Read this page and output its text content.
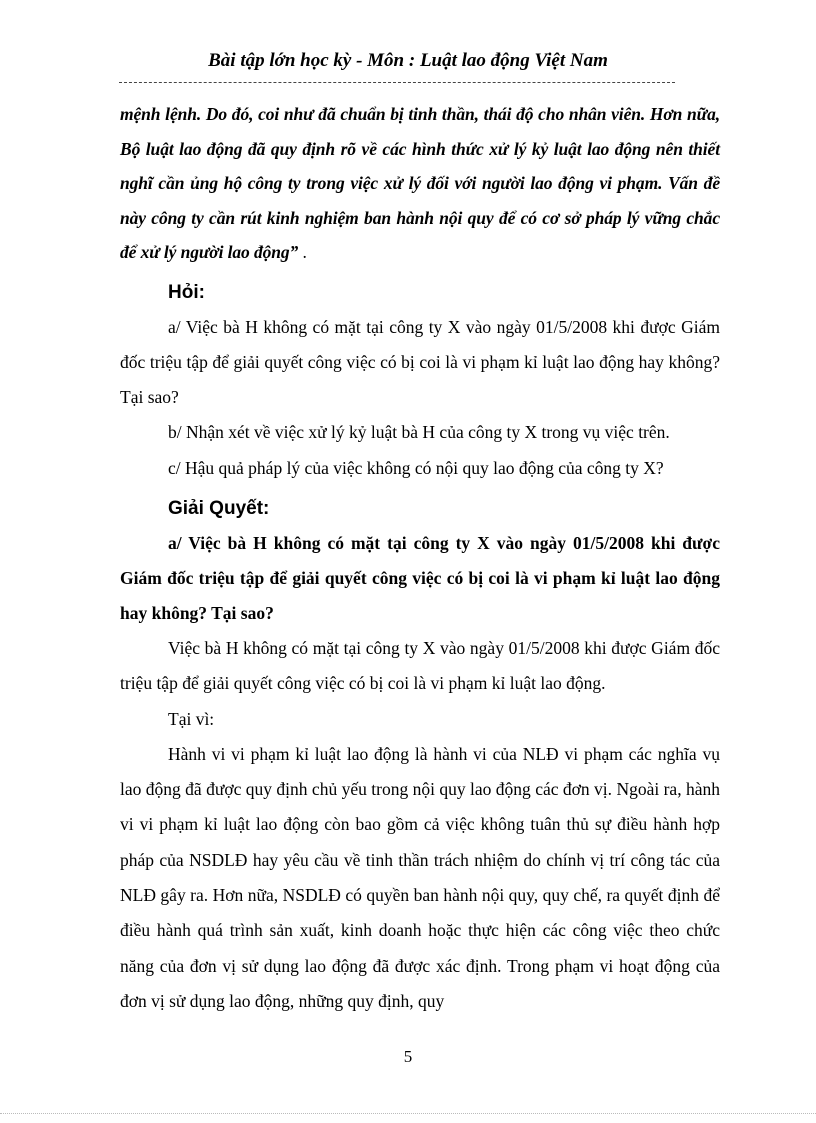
Bài tập lớn học kỳ - Môn : Luật lao động Việt Nam

mệnh lệnh. Do đó, coi như đã chuẩn bị tinh thần, thái độ cho nhân viên. Hơn nữa, Bộ luật lao động đã quy định rõ về các hình thức xử lý kỷ luật lao động nên thiết nghĩ cần ủng hộ công ty trong việc xử lý đối với người lao động vi phạm. Vấn đề này công ty cần rút kinh nghiệm ban hành nội quy để có cơ sở pháp lý vững chắc để xử lý người lao động” .

Hỏi:

a/ Việc bà H không có mặt tại công ty X vào ngày 01/5/2008 khi được Giám đốc triệu tập để giải quyết công việc có bị coi là vi phạm kỉ luật lao động hay không? Tại sao?

b/ Nhận xét về việc xử lý kỷ luật bà H của công ty X trong vụ việc trên.

c/ Hậu quả pháp lý của việc không có nội quy lao động của công ty X?

Giải Quyết:

a/ Việc bà H không có mặt tại công ty X vào ngày 01/5/2008 khi được Giám đốc triệu tập để giải quyết công việc có bị coi là vi phạm kỉ luật lao động hay không? Tại sao?

Việc bà H không có mặt tại công ty X vào ngày 01/5/2008 khi được Giám đốc triệu tập để giải quyết công việc có bị coi là vi phạm kỉ luật lao động.

Tại vì:

Hành vi vi phạm kỉ luật lao động là hành vi của NLĐ vi phạm các nghĩa vụ lao động đã được quy định chủ yếu trong nội quy lao động các đơn vị. Ngoài ra, hành vi vi phạm kỉ luật lao động còn bao gồm cả việc không tuân thủ sự điều hành hợp pháp của NSDLĐ hay yêu cầu về tinh thần trách nhiệm do chính vị trí công tác của NLĐ gây ra. Hơn nữa, NSDLĐ có quyền ban hành nội quy, quy chế, ra quyết định để điều hành quá trình sản xuất, kinh doanh hoặc thực hiện các công việc theo chức năng của đơn vị sử dụng lao động đã được xác định. Trong phạm vi hoạt động của đơn vị sử dụng lao động, những quy định, quy

5
